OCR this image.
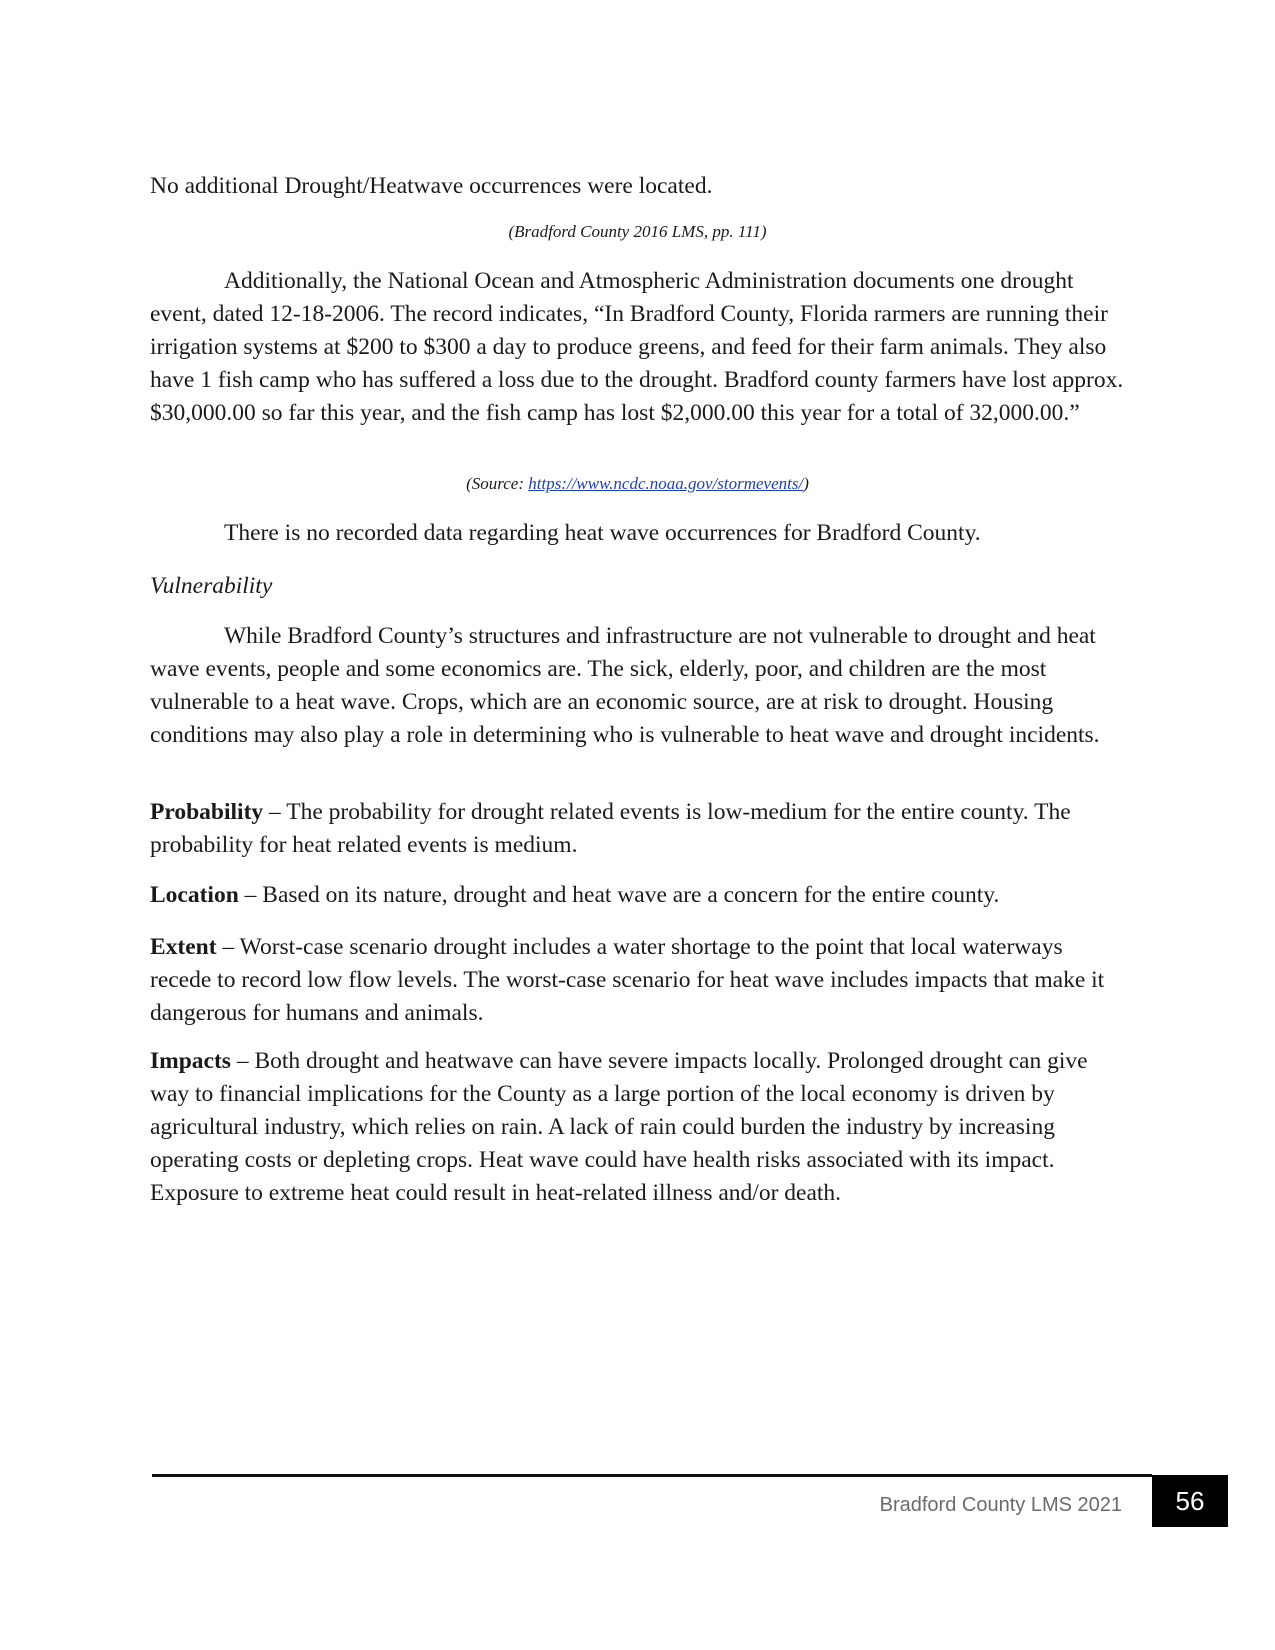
No additional Drought/Heatwave occurrences were located.

(Bradford County 2016 LMS, pp. 111)

Additionally, the National Ocean and Atmospheric Administration documents one drought event, dated 12-18-2006. The record indicates, “In Bradford County, Florida rarmers are running their irrigation systems at $200 to $300 a day to produce greens, and feed for their farm animals. They also have 1 fish camp who has suffered a loss due to the drought. Bradford county farmers have lost approx. $30,000.00 so far this year, and the fish camp has lost $2,000.00 this year for a total of 32,000.00.”

(Source: https://www.ncdc.noaa.gov/stormevents/)

There is no recorded data regarding heat wave occurrences for Bradford County.

Vulnerability

While Bradford County’s structures and infrastructure are not vulnerable to drought and heat wave events, people and some economics are. The sick, elderly, poor, and children are the most vulnerable to a heat wave. Crops, which are an economic source, are at risk to drought. Housing conditions may also play a role in determining who is vulnerable to heat wave and drought incidents.

Probability – The probability for drought related events is low-medium for the entire county. The probability for heat related events is medium.

Location – Based on its nature, drought and heat wave are a concern for the entire county.

Extent – Worst-case scenario drought includes a water shortage to the point that local waterways recede to record low flow levels. The worst-case scenario for heat wave includes impacts that make it dangerous for humans and animals.

Impacts – Both drought and heatwave can have severe impacts locally. Prolonged drought can give way to financial implications for the County as a large portion of the local economy is driven by agricultural industry, which relies on rain. A lack of rain could burden the industry by increasing operating costs or depleting crops. Heat wave could have health risks associated with its impact. Exposure to extreme heat could result in heat-related illness and/or death.

Bradford County LMS 2021	56
